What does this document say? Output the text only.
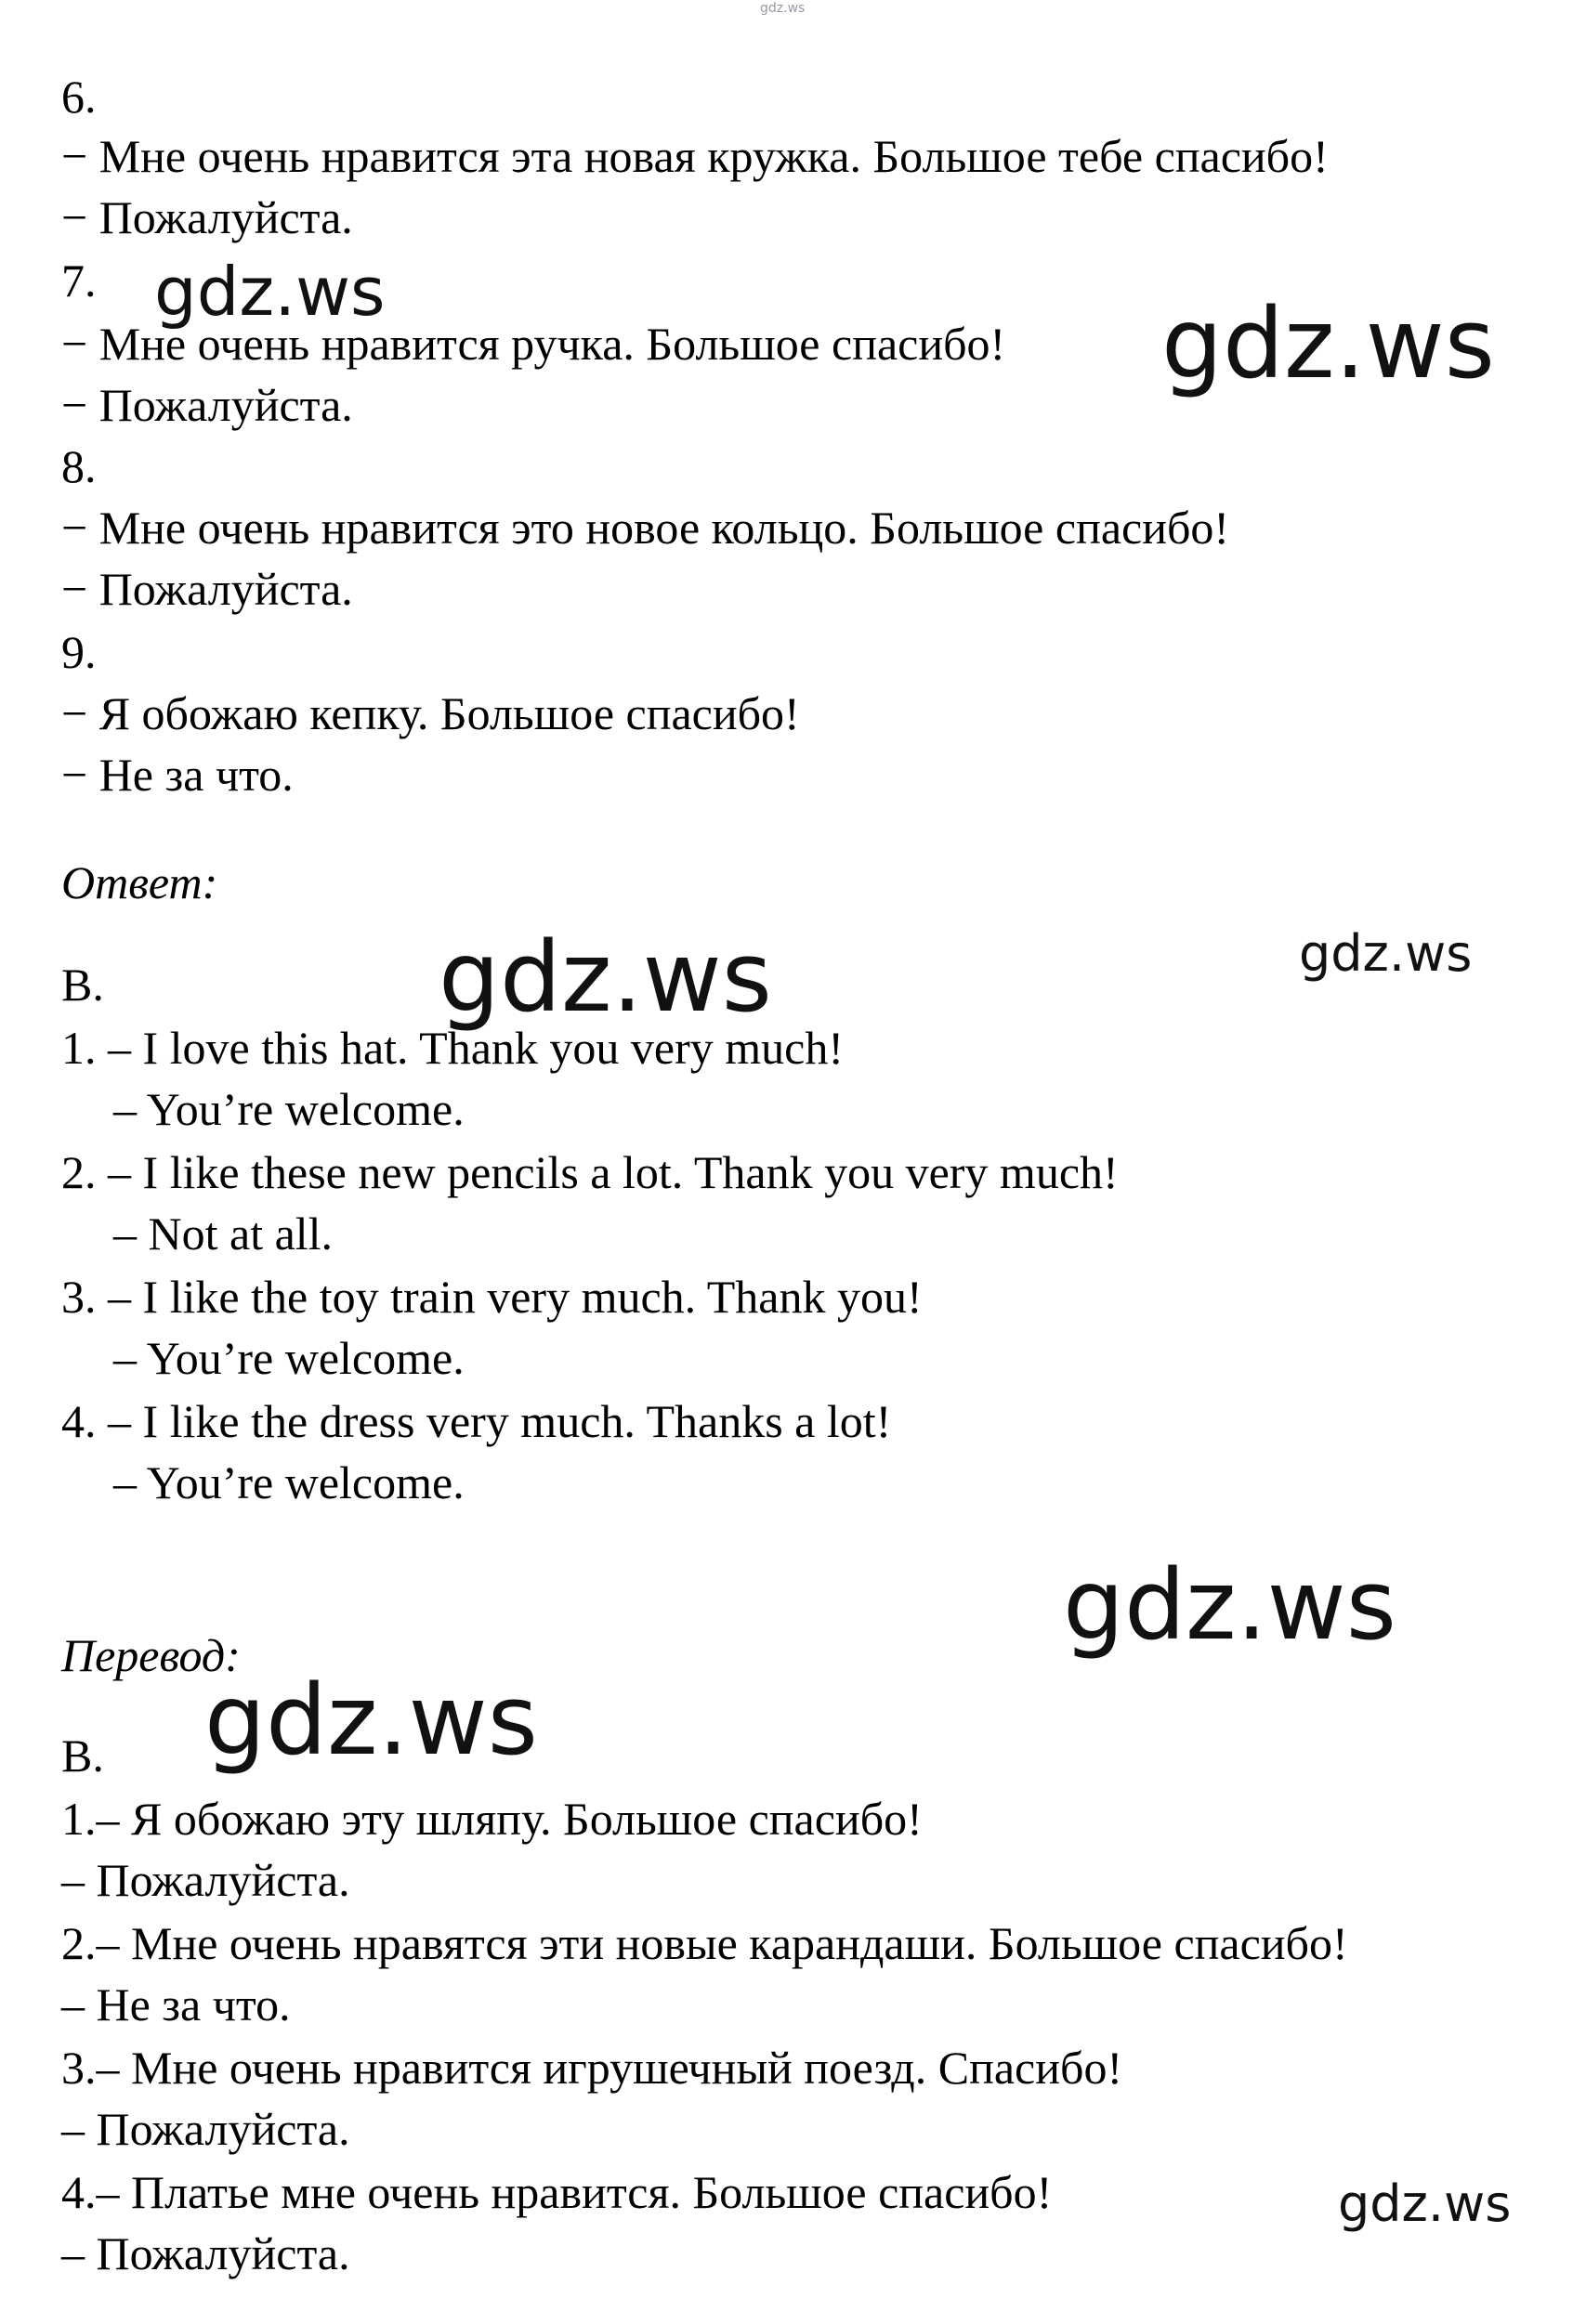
gdz.ws
6.
− Мне очень нравится эта новая кружка. Большое тебе спасибо!
− Пожалуйста.
7.
− Мне очень нравится ручка. Большое спасибо!
− Пожалуйста.
8.
− Мне очень нравится это новое кольцо. Большое спасибо!
− Пожалуйста.
9.
− Я обожаю кепку. Большое спасибо!
− Не за что.
Ответ:
B.
1. – I love this hat. Thank you very much!
– You’re welcome.
2. – I like these new pencils a lot. Thank you very much!
– Not at all.
3. – I like the toy train very much. Thank you!
– You’re welcome.
4. – I like the dress very much. Thanks a lot!
– You’re welcome.
Перевод:
B.
1.– Я обожаю эту шляпу. Большое спасибо!
– Пожалуйста.
2.– Мне очень нравятся эти новые карандаши. Большое спасибо!
– Не за что.
3.– Мне очень нравится игрушечный поезд. Спасибо!
– Пожалуйста.
4.– Платье мне очень нравится. Большое спасибо!
– Пожалуйста.
gdz.ws	gdz.ws
gdz.ws	gdz.ws
gdz.ws
gdz.ws
gdz.ws
